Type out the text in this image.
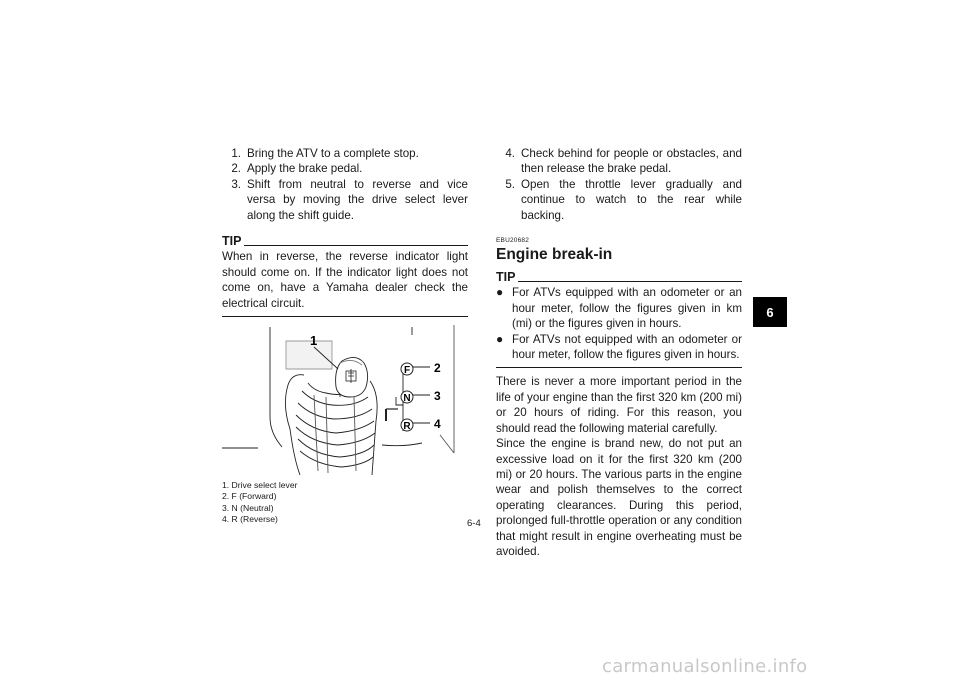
1. Bring the ATV to a complete stop.
2. Apply the brake pedal.
3. Shift from neutral to reverse and vice versa by moving the drive select lever along the shift guide.
TIP
When in reverse, the reverse indicator light should come on. If the indicator light does not come on, have a Yamaha dealer check the electrical circuit.
F
N
R
1
2
3
4
1. Drive select lever
2. F (Forward)
3. N (Neutral)
4. R (Reverse)
4. Check behind for people or obstacles, and then release the brake pedal.
5. Open the throttle lever gradually and continue to watch to the rear while backing.
EBU20682
Engine break-in
TIP
● For ATVs equipped with an odometer or an hour meter, follow the figures given in km (mi) or the figures given in hours.
● For ATVs not equipped with an odometer or hour meter, follow the figures given in hours.
There is never a more important period in the life of your engine than the first 320 km (200 mi) or 20 hours of riding. For this reason, you should read the following material carefully.
Since the engine is brand new, do not put an excessive load on it for the first 320 km (200 mi) or 20 hours. The various parts in the engine wear and polish themselves to the correct operating clearances. During this period, prolonged full-throttle operation or any condition that might result in engine overheating must be avoided.
6
6-4
carmanualsonline.info
